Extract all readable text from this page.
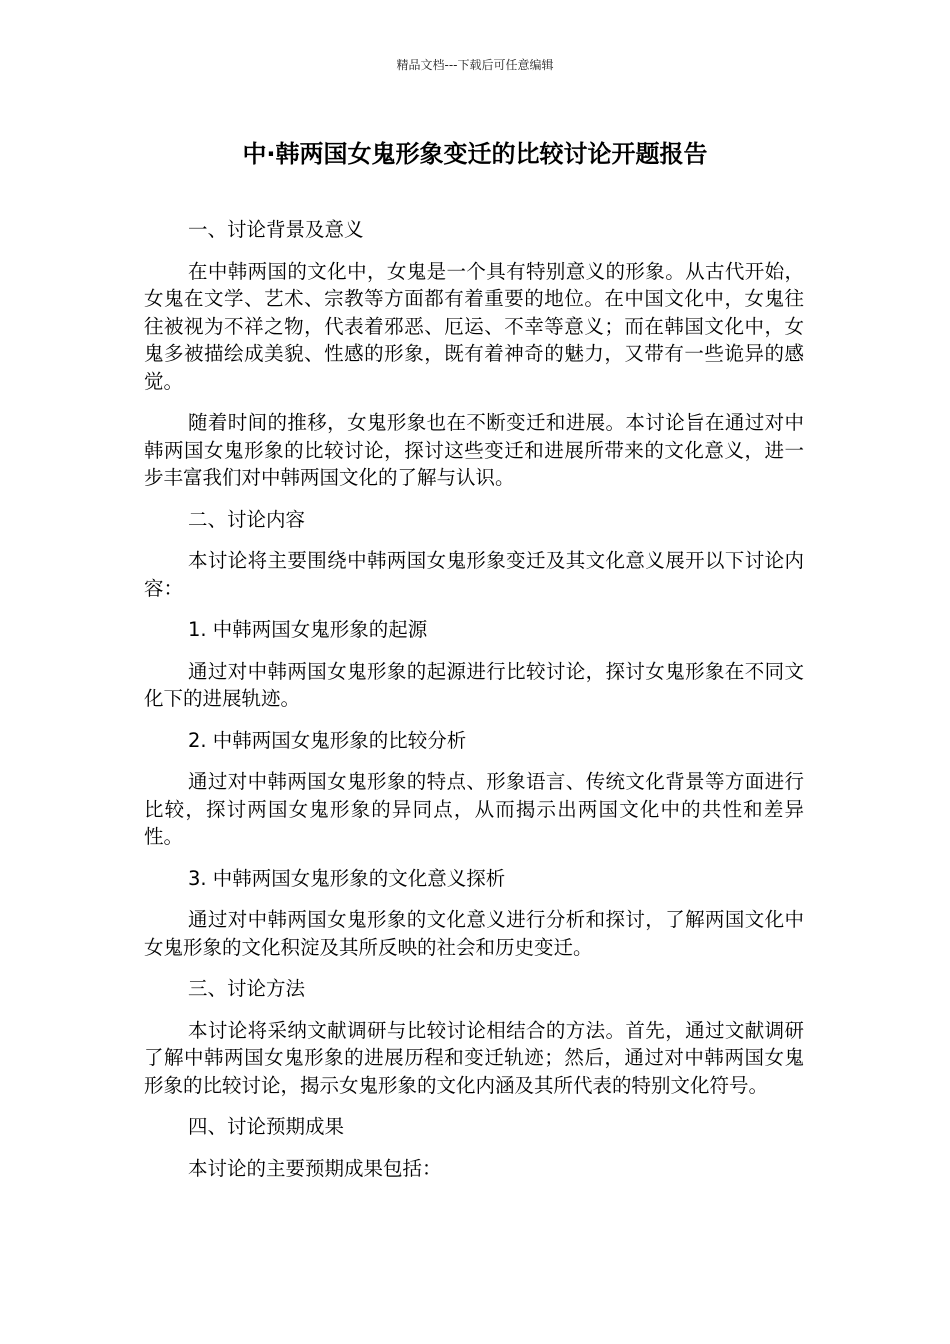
精品文档---下载后可任意编辑
中·韩两国女鬼形象变迁的比较讨论开题报告

一、讨论背景及意义

在中韩两国的文化中，女鬼是一个具有特别意义的形象。从古代开始，女鬼在文学、艺术、宗教等方面都有着重要的地位。在中国文化中，女鬼往往被视为不祥之物，代表着邪恶、厄运、不幸等意义；而在韩国文化中，女鬼多被描绘成美貌、性感的形象，既有着神奇的魅力，又带有一些诡异的感觉。

随着时间的推移，女鬼形象也在不断变迁和进展。本讨论旨在通过对中韩两国女鬼形象的比较讨论，探讨这些变迁和进展所带来的文化意义，进一步丰富我们对中韩两国文化的了解与认识。

二、讨论内容

本讨论将主要围绕中韩两国女鬼形象变迁及其文化意义展开以下讨论内容：

1. 中韩两国女鬼形象的起源

通过对中韩两国女鬼形象的起源进行比较讨论，探讨女鬼形象在不同文化下的进展轨迹。

2. 中韩两国女鬼形象的比较分析

通过对中韩两国女鬼形象的特点、形象语言、传统文化背景等方面进行比较，探讨两国女鬼形象的异同点，从而揭示出两国文化中的共性和差异性。

3. 中韩两国女鬼形象的文化意义探析

通过对中韩两国女鬼形象的文化意义进行分析和探讨，了解两国文化中女鬼形象的文化积淀及其所反映的社会和历史变迁。

三、讨论方法

本讨论将采纳文献调研与比较讨论相结合的方法。首先，通过文献调研了解中韩两国女鬼形象的进展历程和变迁轨迹；然后，通过对中韩两国女鬼形象的比较讨论，揭示女鬼形象的文化内涵及其所代表的特别文化符号。

四、讨论预期成果

本讨论的主要预期成果包括：
